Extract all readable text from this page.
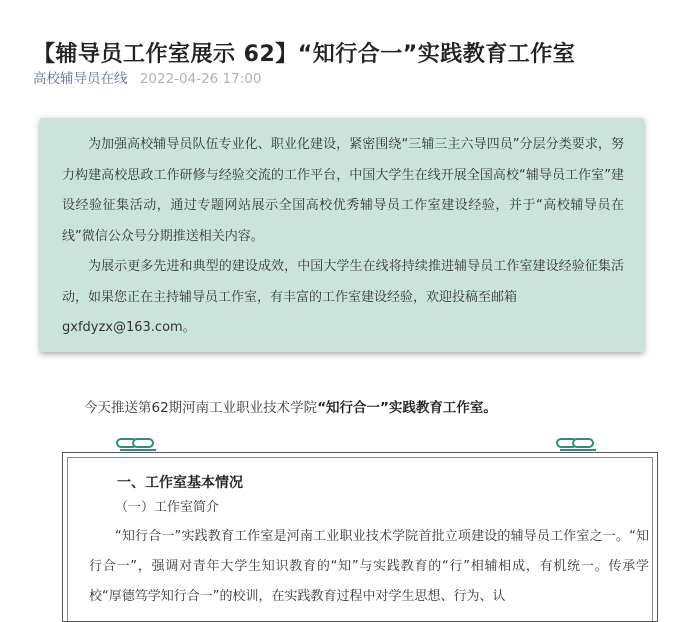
【辅导员工作室展示 62】“知行合一”实践教育工作室
高校辅导员在线 2022-04-26 17:00

为加强高校辅导员队伍专业化、职业化建设，紧密围绕“三辅三主六导四员”分层分类要求，努力构建高校思政工作研修与经验交流的工作平台，中国大学生在线开展全国高校“辅导员工作室”建设经验征集活动，通过专题网站展示全国高校优秀辅导员工作室建设经验，并于“高校辅导员在线”微信公众号分期推送相关内容。

为展示更多先进和典型的建设成效，中国大学生在线将持续推进辅导员工作室建设经验征集活动，如果您正在主持辅导员工作室，有丰富的工作室建设经验，欢迎投稿至邮箱

gxfdyzx@163.com。

今天推送第62期河南工业职业技术学院“知行合一”实践教育工作室。
一、工作室基本情况
（一）工作室简介

“知行合一”实践教育工作室是河南工业职业技术学院首批立项建设的辅导员工作室之一。“知行合一”，强调对青年大学生知识教育的“知”与实践教育的“行”相辅相成，有机统一。传承学校“厚德笃学知行合一”的校训，在实践教育过程中对学生思想、行为、认
